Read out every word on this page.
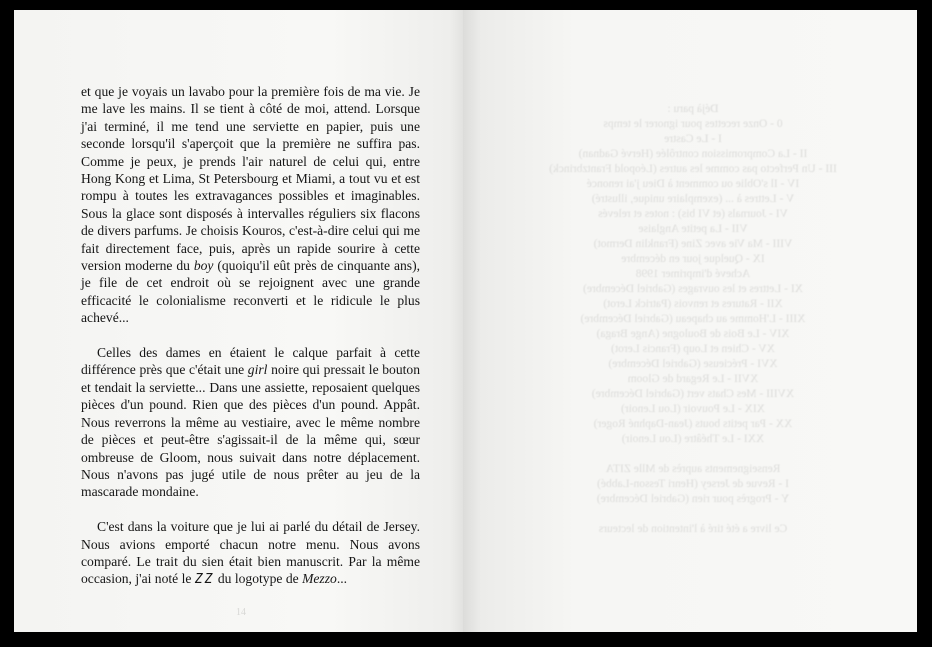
et que je voyais un lavabo pour la première fois de ma vie. Je me lave les mains. Il se tient à côté de moi, attend. Lorsque j'ai terminé, il me tend une serviette en papier, puis une seconde lorsqu'il s'aperçoit que la première ne suffira pas. Comme je peux, je prends l'air naturel de celui qui, entre Hong Kong et Lima, St Petersbourg et Miami, a tout vu et est rompu à toutes les extravagances possibles et imaginables. Sous la glace sont disposés à intervalles réguliers six flacons de divers parfums. Je choisis Kouros, c'est-à-dire celui qui me fait directement face, puis, après un rapide sourire à cette version moderne du boy (quoiqu'il eût près de cinquante ans), je file de cet endroit où se rejoignent avec une grande efficacité le colonialisme reconverti et le ridicule le plus achevé...

Celles des dames en étaient le calque parfait à cette différence près que c'était une girl noire qui pressait le bouton et tendait la serviette... Dans une assiette, reposaient quelques pièces d'un pound. Rien que des pièces d'un pound. Appât. Nous reverrons la même au vestiaire, avec le même nombre de pièces et peut-être s'agissait-il de la même qui, sœur ombreuse de Gloom, nous suivait dans notre déplacement. Nous n'avons pas jugé utile de nous prêter au jeu de la mascarade mondaine.

C'est dans la voiture que je lui ai parlé du détail de Jersey. Nous avions emporté chacun notre menu. Nous avons comparé. Le trait du sien était bien manuscrit. Par la même occasion, j'ai noté le ZZ du logotype de Mezzo...

14
Déjà paru :
0 - Onze recettes pour ignorer le temps
I - Le Castre
II - La Compromission contrôlée (Hervé Gadnan)
III - Un Perfecto pas comme les autres (Léopold Frantzbrinck)
IV - Il s'Oblie ou comment à Dieu j'ai renoncé
V - Lettres à ... (exemplaire unique, illustré)
VI - Journals (et VI bis) : notes et relevés
VII - La petite Anglaise
VIII - Ma Vie avec Zine (Franklin Dermot)
IX - Quelque jour en décembre
Achevé d'imprimer 1998
XI - Lettres et les ouvrages (Gabriel Décembre)
XII - Ratures et renvois (Patrick Lerot)
XIII - L'Homme au chapeau (Gabriel Décembre)
XIV - Le Bois de Boulogne (Ange Braga)
XV - Chien et Loup (Francis Lerot)
XVI - Précieuse (Gabriel Décembre)
XVII - Le Regard de Gloom
XVIII - Mes Chats vert (Gabriel Décembre)
XIX - Le Pouvoir (Lou Lenoir)
XX - Par petits bouts (Jean-Daphné Roger)
XXI - Le Théâtre (Lou Lenoir)

Renseignements auprès de Mlle ZITA
I - Revue de Jersey (Henri Tesson-Labbé)
Y - Progrès pour rien (Gabriel Décembre)

Ce livre a été tiré à l'intention de lecteurs
